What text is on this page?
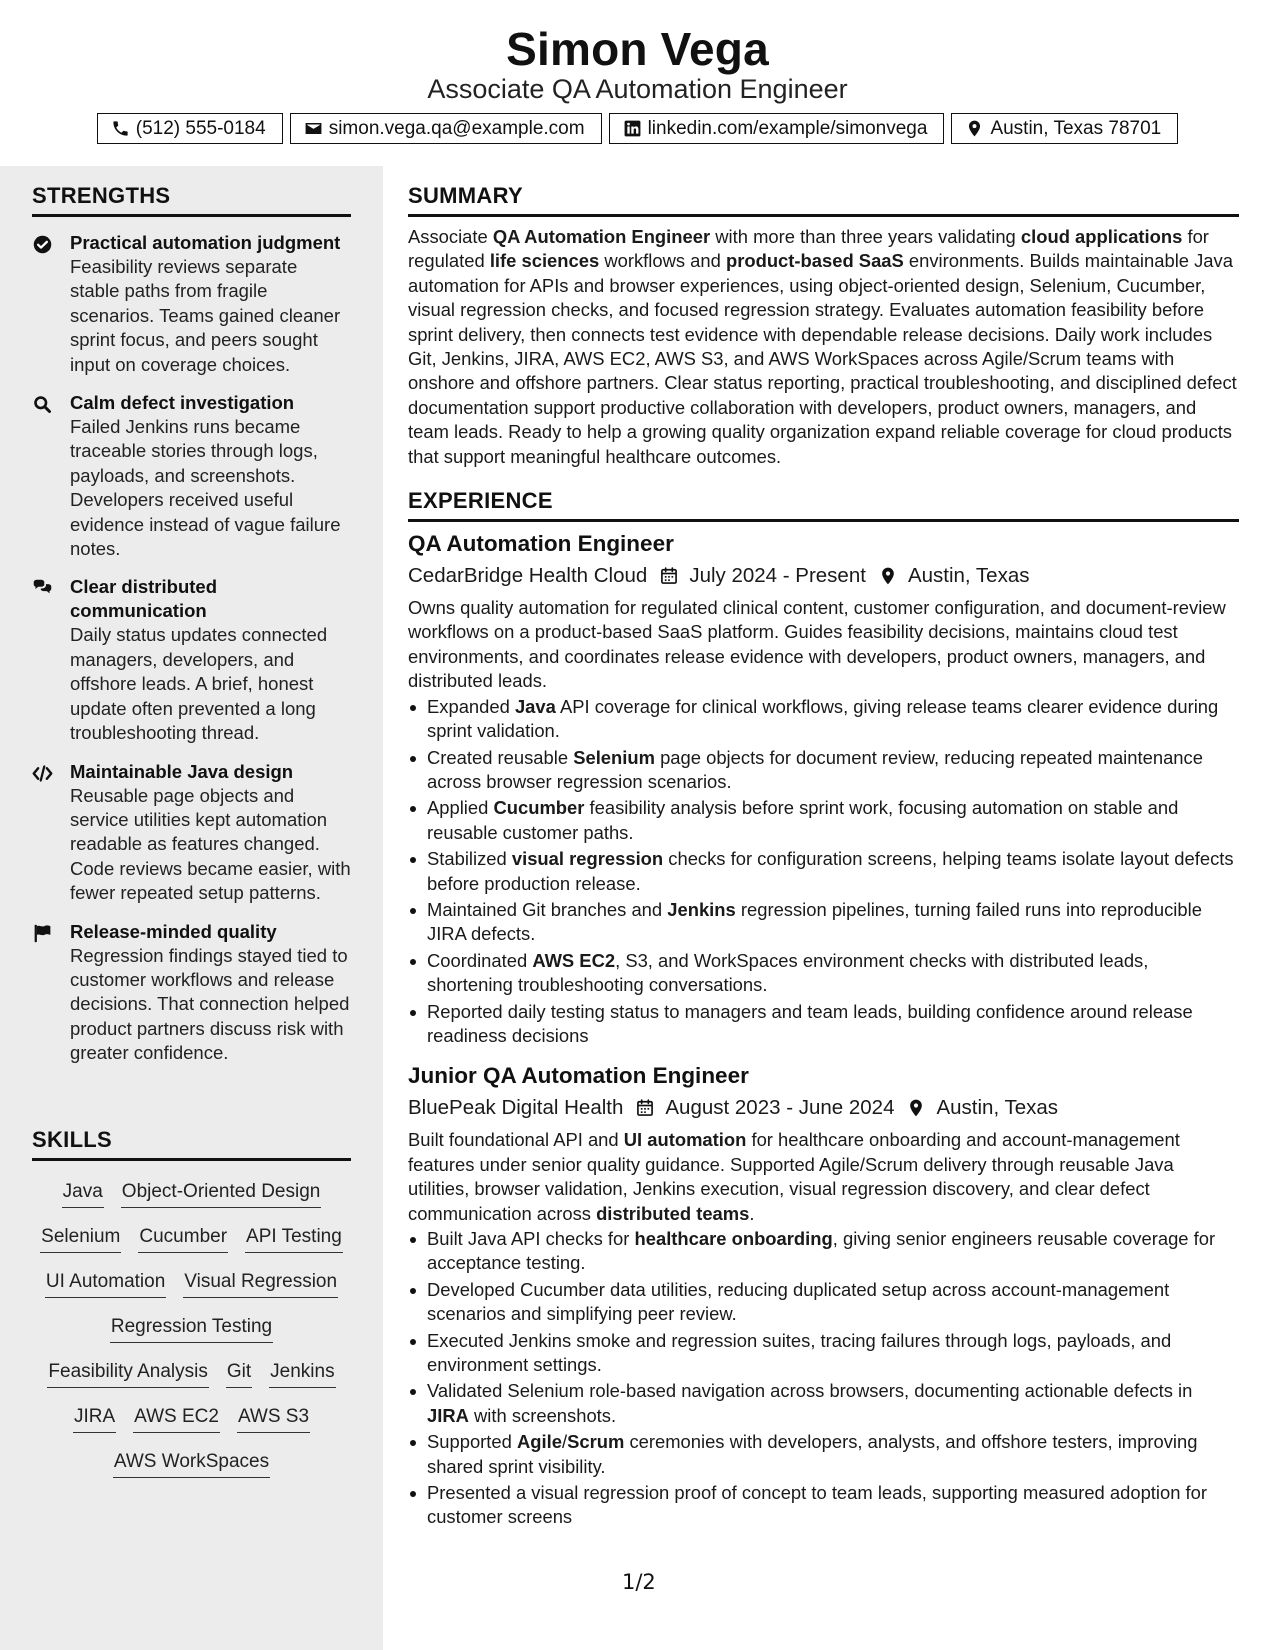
Simon Vega
Associate QA Automation Engineer
(512) 555-0184	simon.vega.qa@example.com	linkedin.com/example/simonvega	Austin, Texas 78701
STRENGTHS
Practical automation judgment
Feasibility reviews separate stable paths from fragile scenarios. Teams gained cleaner sprint focus, and peers sought input on coverage choices.
Calm defect investigation
Failed Jenkins runs became traceable stories through logs, payloads, and screenshots. Developers received useful evidence instead of vague failure notes.
Clear distributed communication
Daily status updates connected managers, developers, and offshore leads. A brief, honest update often prevented a long troubleshooting thread.
Maintainable Java design
Reusable page objects and service utilities kept automation readable as features changed. Code reviews became easier, with fewer repeated setup patterns.
Release-minded quality
Regression findings stayed tied to customer workflows and release decisions. That connection helped product partners discuss risk with greater confidence.
SKILLS
Java Object-Oriented Design
Selenium Cucumber API Testing
UI Automation Visual Regression
Regression Testing
Feasibility Analysis Git Jenkins
JIRA AWS EC2 AWS S3
AWS WorkSpaces
SUMMARY
Associate QA Automation Engineer with more than three years validating cloud applications for regulated life sciences workflows and product-based SaaS environments. Builds maintainable Java automation for APIs and browser experiences, using object-oriented design, Selenium, Cucumber, visual regression checks, and focused regression strategy. Evaluates automation feasibility before sprint delivery, then connects test evidence with dependable release decisions. Daily work includes Git, Jenkins, JIRA, AWS EC2, AWS S3, and AWS WorkSpaces across Agile/Scrum teams with onshore and offshore partners. Clear status reporting, practical troubleshooting, and disciplined defect documentation support productive collaboration with developers, product owners, managers, and team leads. Ready to help a growing quality organization expand reliable coverage for cloud products that support meaningful healthcare outcomes.
EXPERIENCE
QA Automation Engineer
CedarBridge Health Cloud July 2024 - Present Austin, Texas
Owns quality automation for regulated clinical content, customer configuration, and document-review workflows on a product-based SaaS platform. Guides feasibility decisions, maintains cloud test environments, and coordinates release evidence with developers, product owners, managers, and distributed leads.
Expanded Java API coverage for clinical workflows, giving release teams clearer evidence during sprint validation.
Created reusable Selenium page objects for document review, reducing repeated maintenance across browser regression scenarios.
Applied Cucumber feasibility analysis before sprint work, focusing automation on stable and reusable customer paths.
Stabilized visual regression checks for configuration screens, helping teams isolate layout defects before production release.
Maintained Git branches and Jenkins regression pipelines, turning failed runs into reproducible JIRA defects.
Coordinated AWS EC2, S3, and WorkSpaces environment checks with distributed leads, shortening troubleshooting conversations.
Reported daily testing status to managers and team leads, building confidence around release readiness decisions
Junior QA Automation Engineer
BluePeak Digital Health August 2023 - June 2024 Austin, Texas
Built foundational API and UI automation for healthcare onboarding and account-management features under senior quality guidance. Supported Agile/Scrum delivery through reusable Java utilities, browser validation, Jenkins execution, visual regression discovery, and clear defect communication across distributed teams.
Built Java API checks for healthcare onboarding, giving senior engineers reusable coverage for acceptance testing.
Developed Cucumber data utilities, reducing duplicated setup across account-management scenarios and simplifying peer review.
Executed Jenkins smoke and regression suites, tracing failures through logs, payloads, and environment settings.
Validated Selenium role-based navigation across browsers, documenting actionable defects in JIRA with screenshots.
Supported Agile/Scrum ceremonies with developers, analysts, and offshore testers, improving shared sprint visibility.
Presented a visual regression proof of concept to team leads, supporting measured adoption for customer screens
1/2
